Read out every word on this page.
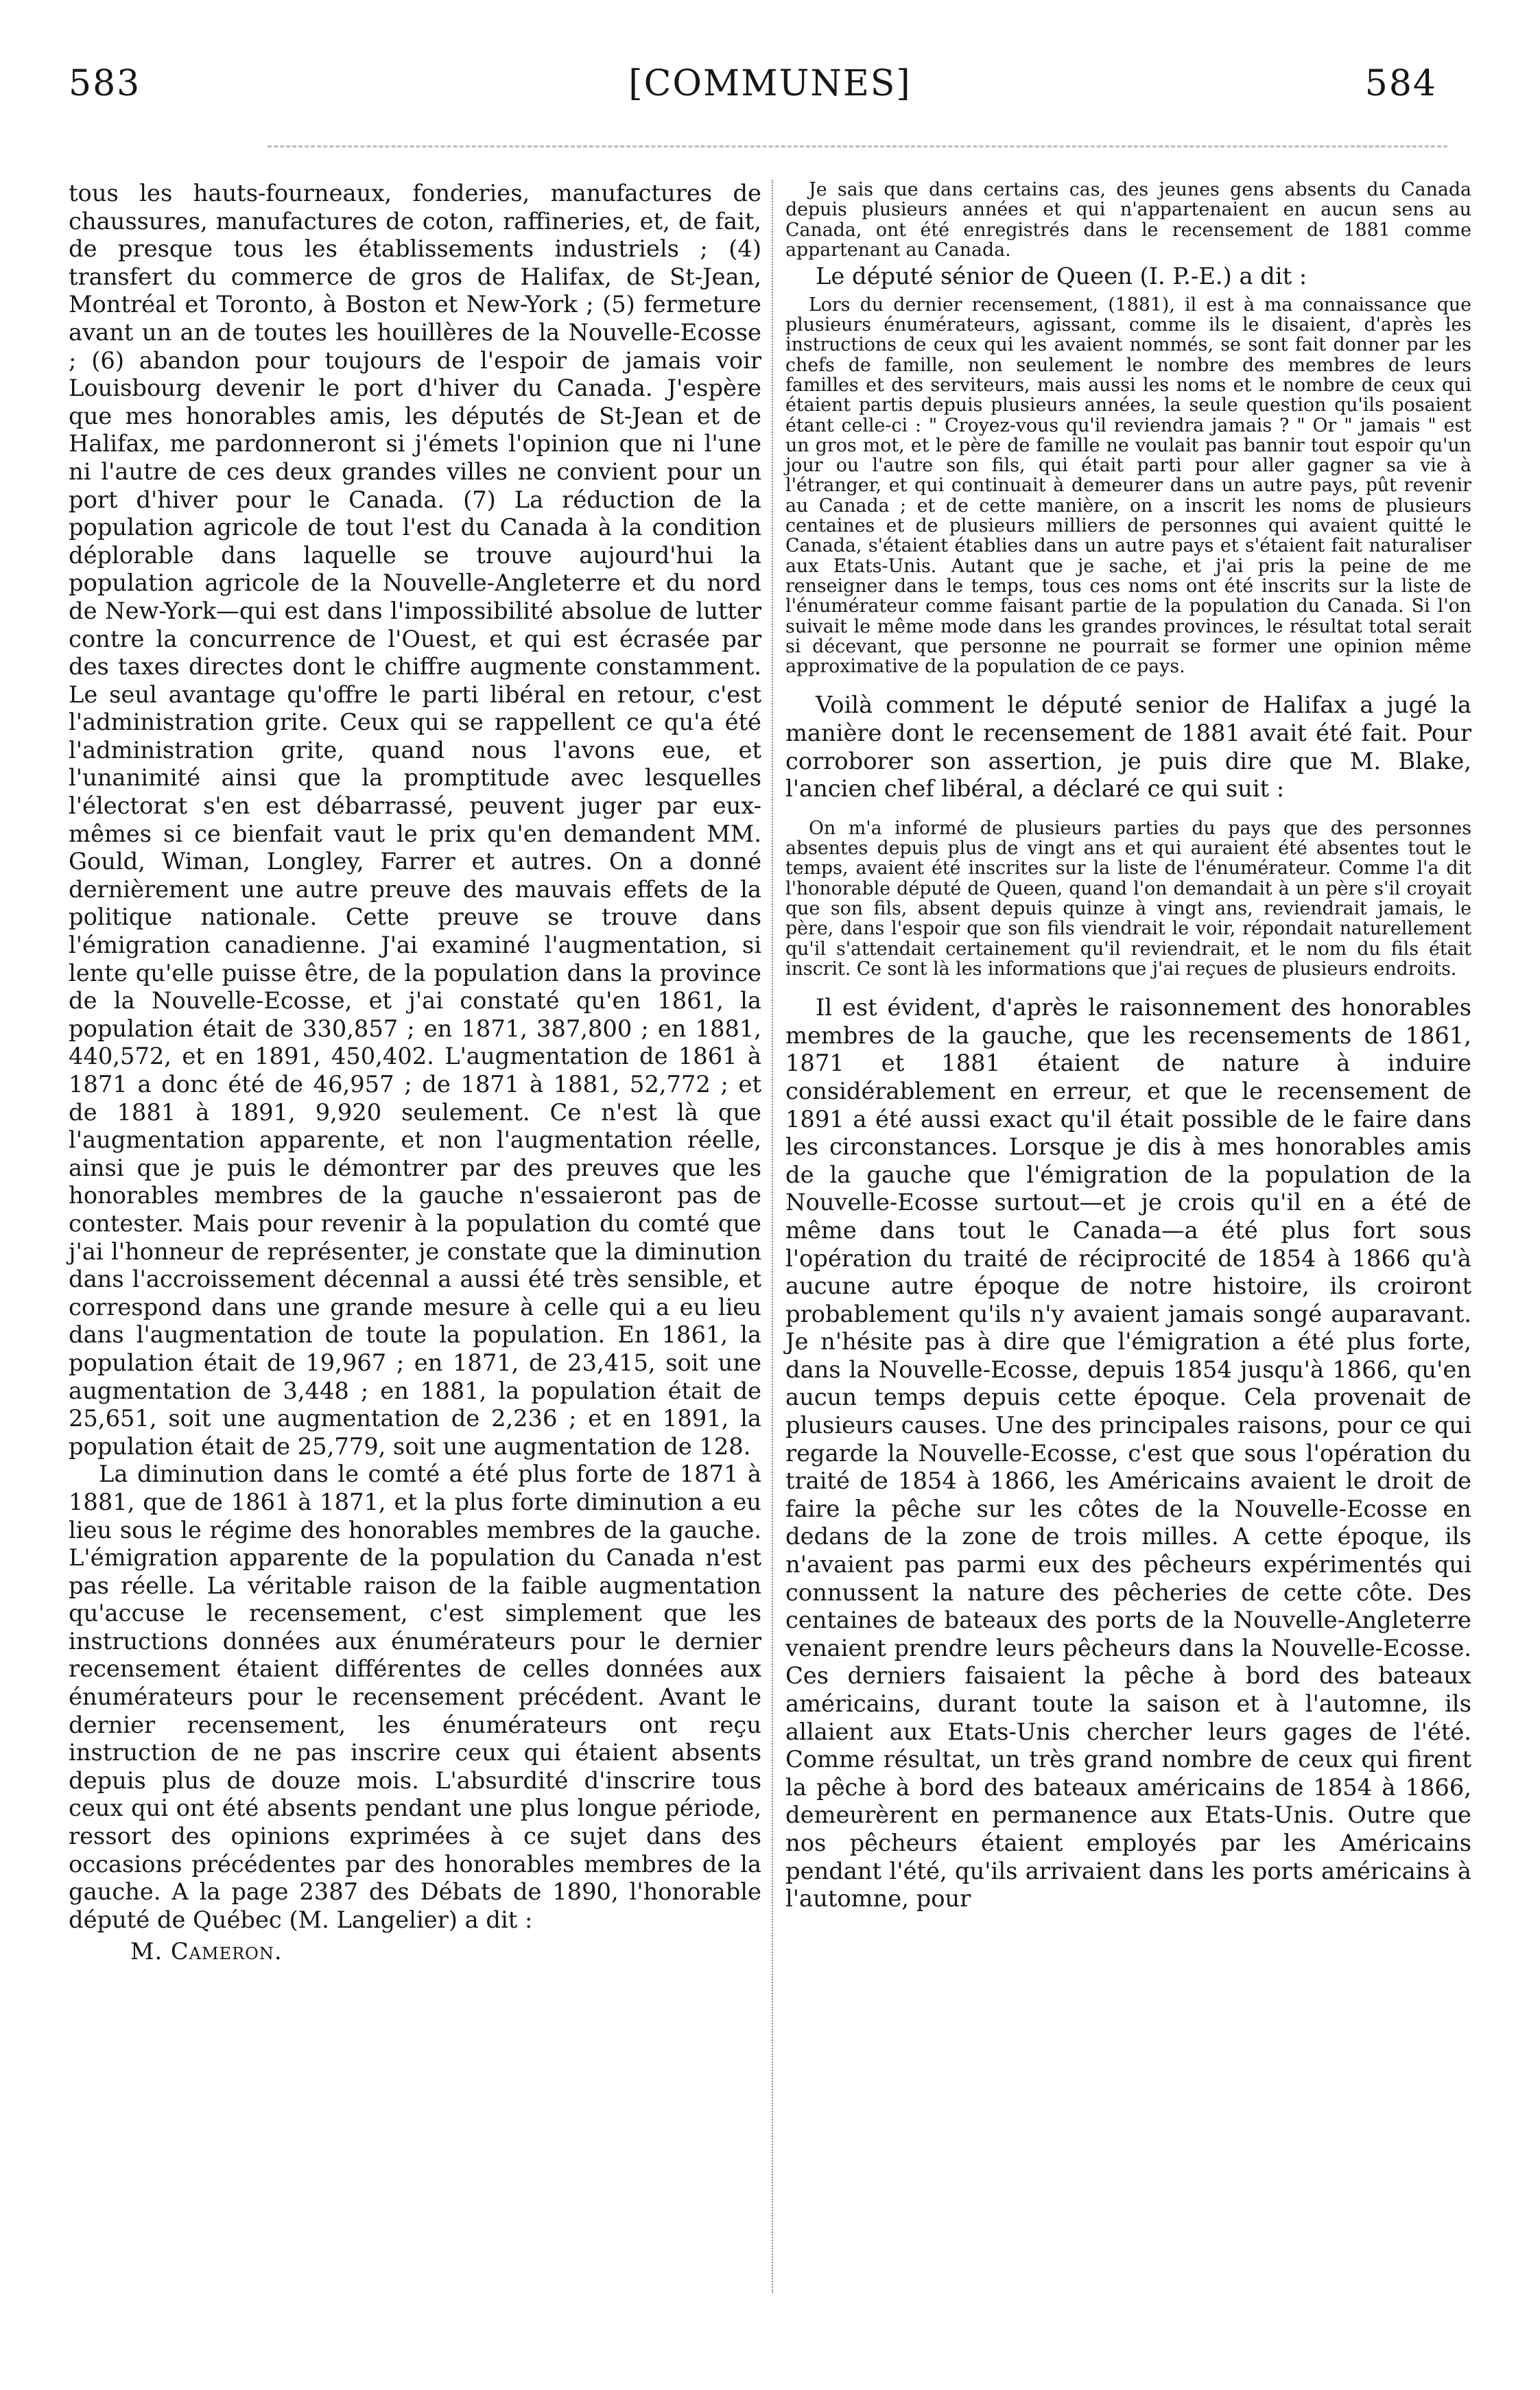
583	[COMMUNES]	584

tous les hauts-fourneaux, fonderies, manufactures de chaussures, manufactures de coton, raffineries, et, de fait, de presque tous les établissements industriels ; (4) transfert du commerce de gros de Halifax, de St-Jean, Montréal et Toronto, à Boston et New-York ; (5) fermeture avant un an de toutes les houillères de la Nouvelle-Ecosse ; (6) abandon pour toujours de l'espoir de jamais voir Louisbourg devenir le port d'hiver du Canada. J'espère que mes honorables amis, les députés de St-Jean et de Halifax, me pardonneront si j'émets l'opinion que ni l'une ni l'autre de ces deux grandes villes ne convient pour un port d'hiver pour le Canada. (7) La réduction de la population agricole de tout l'est du Canada à la condition déplorable dans laquelle se trouve aujourd'hui la population agricole de la Nouvelle-Angleterre et du nord de New-York—qui est dans l'impossibilité absolue de lutter contre la concurrence de l'Ouest, et qui est écrasée par des taxes directes dont le chiffre augmente constamment. Le seul avantage qu'offre le parti libéral en retour, c'est l'administration grite. Ceux qui se rappellent ce qu'a été l'administration grite, quand nous l'avons eue, et l'unanimité ainsi que la promptitude avec lesquelles l'électorat s'en est débarrassé, peuvent juger par eux-mêmes si ce bienfait vaut le prix qu'en demandent MM. Gould, Wiman, Longley, Farrer et autres. On a donné dernièrement une autre preuve des mauvais effets de la politique nationale. Cette preuve se trouve dans l'émigration canadienne. J'ai examiné l'augmentation, si lente qu'elle puisse être, de la population dans la province de la Nouvelle-Ecosse, et j'ai constaté qu'en 1861, la population était de 330,857 ; en 1871, 387,800 ; en 1881, 440,572, et en 1891, 450,402. L'augmentation de 1861 à 1871 a donc été de 46,957 ; de 1871 à 1881, 52,772 ; et de 1881 à 1891, 9,920 seulement. Ce n'est là que l'augmentation apparente, et non l'augmentation réelle, ainsi que je puis le démontrer par des preuves que les honorables membres de la gauche n'essaieront pas de contester. Mais pour revenir à la population du comté que j'ai l'honneur de représenter, je constate que la diminution dans l'accroissement décennal a aussi été très sensible, et correspond dans une grande mesure à celle qui a eu lieu dans l'augmentation de toute la population. En 1861, la population était de 19,967 ; en 1871, de 23,415, soit une augmentation de 3,448 ; en 1881, la population était de 25,651, soit une augmentation de 2,236 ; et en 1891, la population était de 25,779, soit une augmentation de 128.

La diminution dans le comté a été plus forte de 1871 à 1881, que de 1861 à 1871, et la plus forte diminution a eu lieu sous le régime des honorables membres de la gauche. L'émigration apparente de la population du Canada n'est pas réelle. La véritable raison de la faible augmentation qu'accuse le recensement, c'est simplement que les instructions données aux énumérateurs pour le dernier recensement étaient différentes de celles données aux énumérateurs pour le recensement précédent. Avant le dernier recensement, les énumérateurs ont reçu instruction de ne pas inscrire ceux qui étaient absents depuis plus de douze mois. L'absurdité d'inscrire tous ceux qui ont été absents pendant une plus longue période, ressort des opinions exprimées à ce sujet dans des occasions précédentes par des honorables membres de la gauche. A la page 2387 des Débats de 1890, l'honorable député de Québec (M. Langelier) a dit :

M. Cameron.

Je sais que dans certains cas, des jeunes gens absents du Canada depuis plusieurs années et qui n'appartenaient en aucun sens au Canada, ont été enregistrés dans le recensement de 1881 comme appartenant au Canada.

Le député sénior de Queen (I. P.-E.) a dit :

Lors du dernier recensement, (1881), il est à ma connaissance que plusieurs énumérateurs, agissant, comme ils le disaient, d'après les instructions de ceux qui les avaient nommés, se sont fait donner par les chefs de famille, non seulement le nombre des membres de leurs familles et des serviteurs, mais aussi les noms et le nombre de ceux qui étaient partis depuis plusieurs années, la seule question qu'ils posaient étant celle-ci : " Croyez-vous qu'il reviendra jamais ? " Or " jamais " est un gros mot, et le père de famille ne voulait pas bannir tout espoir qu'un jour ou l'autre son fils, qui était parti pour aller gagner sa vie à l'étranger, et qui continuait à demeurer dans un autre pays, pût revenir au Canada ; et de cette manière, on a inscrit les noms de plusieurs centaines et de plusieurs milliers de personnes qui avaient quitté le Canada, s'étaient établies dans un autre pays et s'étaient fait naturaliser aux Etats-Unis. Autant que je sache, et j'ai pris la peine de me renseigner dans le temps, tous ces noms ont été inscrits sur la liste de l'énumérateur comme faisant partie de la population du Canada. Si l'on suivait le même mode dans les grandes provinces, le résultat total serait si décevant, que personne ne pourrait se former une opinion même approximative de la population de ce pays.

Voilà comment le député senior de Halifax a jugé la manière dont le recensement de 1881 avait été fait. Pour corroborer son assertion, je puis dire que M. Blake, l'ancien chef libéral, a déclaré ce qui suit :

On m'a informé de plusieurs parties du pays que des personnes absentes depuis plus de vingt ans et qui auraient été absentes tout le temps, avaient été inscrites sur la liste de l'énumérateur. Comme l'a dit l'honorable député de Queen, quand l'on demandait à un père s'il croyait que son fils, absent depuis quinze à vingt ans, reviendrait jamais, le père, dans l'espoir que son fils viendrait le voir, répondait naturellement qu'il s'attendait certainement qu'il reviendrait, et le nom du fils était inscrit. Ce sont là les informations que j'ai reçues de plusieurs endroits.

Il est évident, d'après le raisonnement des honorables membres de la gauche, que les recensements de 1861, 1871 et 1881 étaient de nature à induire considérablement en erreur, et que le recensement de 1891 a été aussi exact qu'il était possible de le faire dans les circonstances. Lorsque je dis à mes honorables amis de la gauche que l'émigration de la population de la Nouvelle-Ecosse surtout—et je crois qu'il en a été de même dans tout le Canada—a été plus fort sous l'opération du traité de réciprocité de 1854 à 1866 qu'à aucune autre époque de notre histoire, ils croiront probablement qu'ils n'y avaient jamais songé auparavant. Je n'hésite pas à dire que l'émigration a été plus forte, dans la Nouvelle-Ecosse, depuis 1854 jusqu'à 1866, qu'en aucun temps depuis cette époque. Cela provenait de plusieurs causes. Une des principales raisons, pour ce qui regarde la Nouvelle-Ecosse, c'est que sous l'opération du traité de 1854 à 1866, les Américains avaient le droit de faire la pêche sur les côtes de la Nouvelle-Ecosse en dedans de la zone de trois milles. A cette époque, ils n'avaient pas parmi eux des pêcheurs expérimentés qui connussent la nature des pêcheries de cette côte. Des centaines de bateaux des ports de la Nouvelle-Angleterre venaient prendre leurs pêcheurs dans la Nouvelle-Ecosse. Ces derniers faisaient la pêche à bord des bateaux américains, durant toute la saison et à l'automne, ils allaient aux Etats-Unis chercher leurs gages de l'été. Comme résultat, un très grand nombre de ceux qui firent la pêche à bord des bateaux américains de 1854 à 1866, demeurèrent en permanence aux Etats-Unis. Outre que nos pêcheurs étaient employés par les Américains pendant l'été, qu'ils arrivaient dans les ports américains à l'automne, pour
